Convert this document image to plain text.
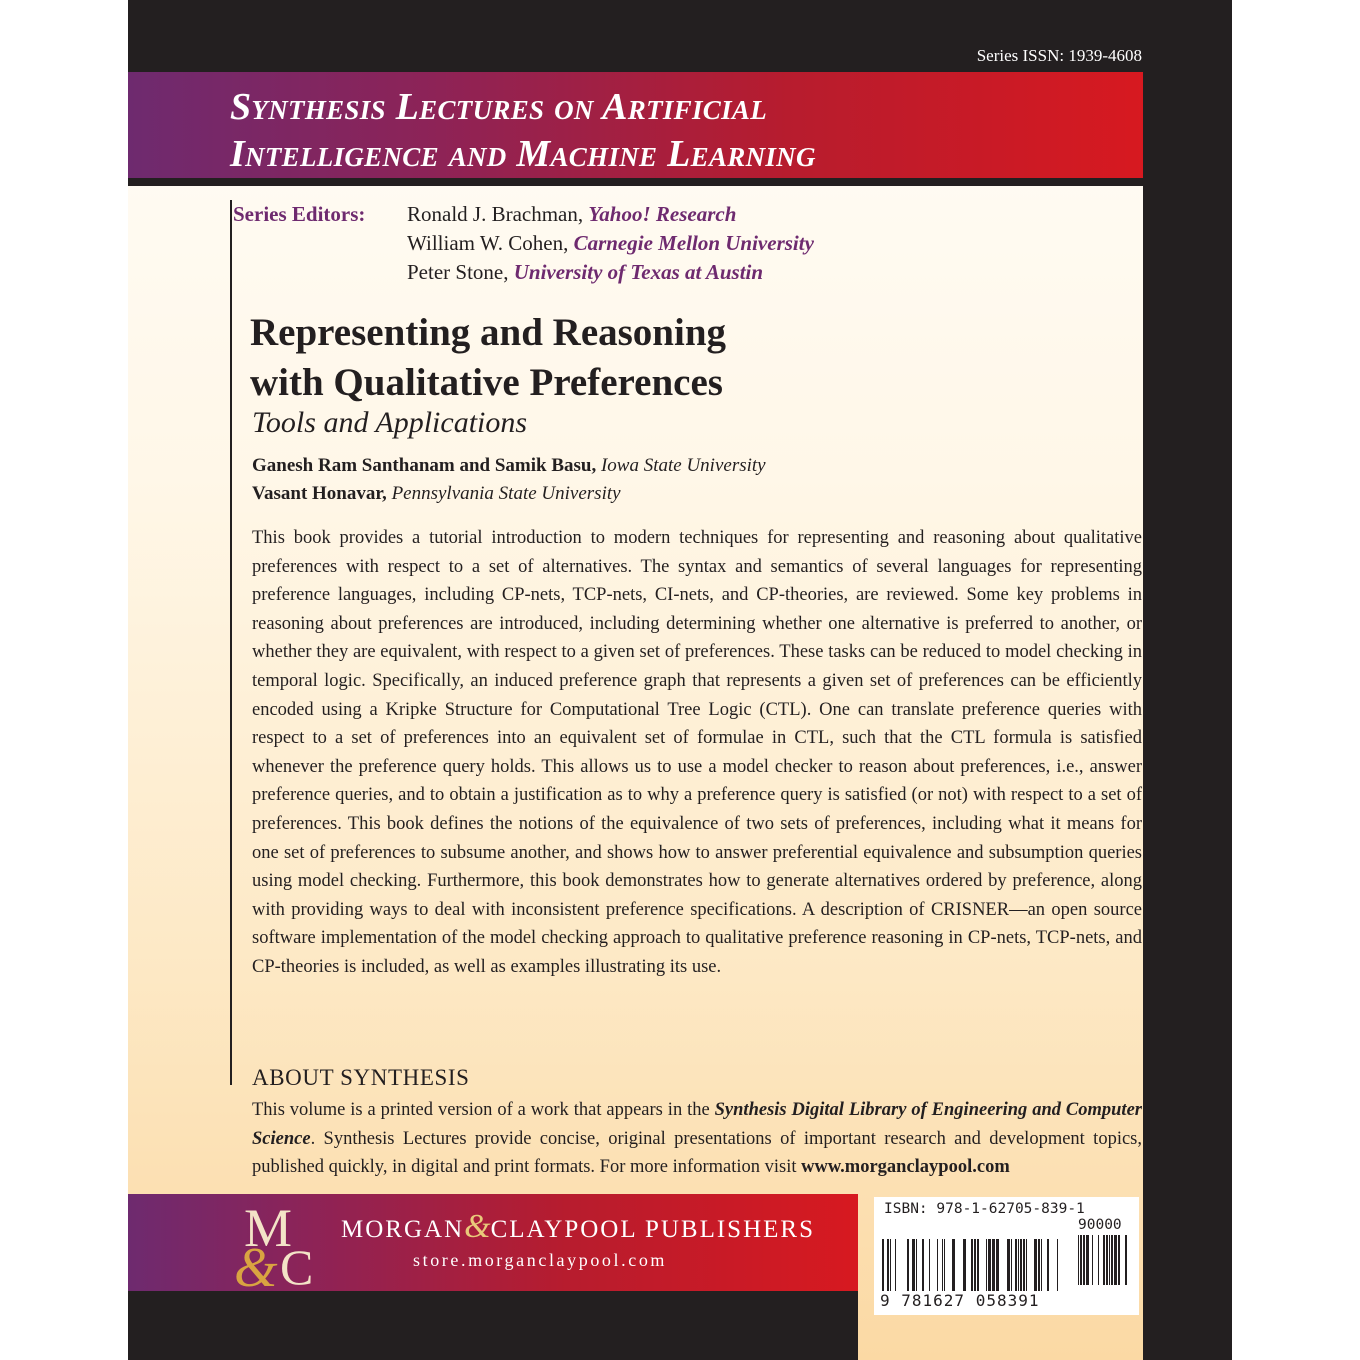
Series ISSN: 1939-4608
Synthesis Lectures on Artificial
Intelligence and Machine Learning
Series Editors: Ronald J. Brachman, Yahoo! Research
William W. Cohen, Carnegie Mellon University
Peter Stone, University of Texas at Austin
Representing and Reasoning
with Qualitative Preferences
Tools and Applications
Ganesh Ram Santhanam and Samik Basu, Iowa State University
Vasant Honavar, Pennsylvania State University

This book provides a tutorial introduction to modern techniques for representing and reasoning about qualitative preferences with respect to a set of alternatives. The syntax and semantics of several languages for representing preference languages, including CP-nets, TCP-nets, CI-nets, and CP-theories, are reviewed. Some key problems in reasoning about preferences are introduced, including determining whether one alternative is preferred to another, or whether they are equivalent, with respect to a given set of preferences. These tasks can be reduced to model checking in temporal logic. Specifically, an induced preference graph that represents a given set of preferences can be efficiently encoded using a Kripke Structure for Computational Tree Logic (CTL). One can translate preference queries with respect to a set of preferences into an equivalent set of formulae in CTL, such that the CTL formula is satisfied whenever the preference query holds. This allows us to use a model checker to reason about preferences, i.e., answer preference queries, and to obtain a justification as to why a preference query is satisfied (or not) with respect to a set of preferences. This book defines the notions of the equivalence of two sets of preferences, including what it means for one set of preferences to subsume another, and shows how to answer preferential equivalence and subsumption queries using model checking. Furthermore, this book demonstrates how to generate alternatives ordered by preference, along with providing ways to deal with inconsistent preference specifications. A description of CRISNER—an open source software implementation of the model checking approach to qualitative preference reasoning in CP-nets, TCP-nets, and CP-theories is included, as well as examples illustrating its use.

ABOUT SYNTHESIS

This volume is a printed version of a work that appears in the Synthesis Digital Library of Engineering and Computer Science. Synthesis Lectures provide concise, original presentations of important research and development topics, published quickly, in digital and print formats. For more information visit www.morganclaypool.com

M
& C
MORGAN&CLAYPOOL PUBLISHERS
store.morganclaypool.com
ISBN: 978-1-62705-839-1
90000
9 781627 058391
